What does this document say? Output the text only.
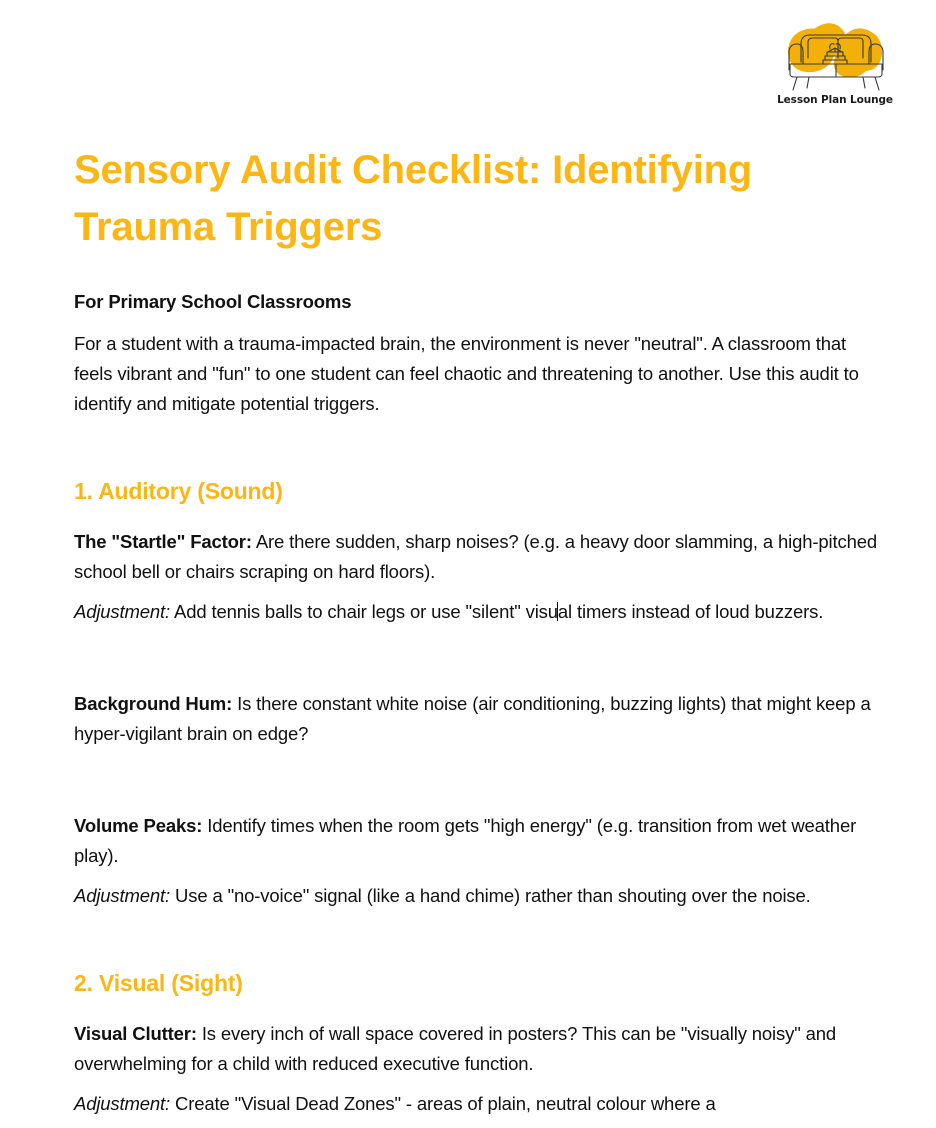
Lesson Plan Lounge
Sensory Audit Checklist: Identifying Trauma Triggers

For Primary School Classrooms

For a student with a trauma-impacted brain, the environment is never "neutral". A classroom that feels vibrant and "fun" to one student can feel chaotic and threatening to another. Use this audit to identify and mitigate potential triggers.

1. Auditory (Sound)

The "Startle" Factor: Are there sudden, sharp noises? (e.g. a heavy door slamming, a high-pitched school bell or chairs scraping on hard floors).

Adjustment: Add tennis balls to chair legs or use "silent" visual timers instead of loud buzzers.

Background Hum: Is there constant white noise (air conditioning, buzzing lights) that might keep a hyper-vigilant brain on edge?

Volume Peaks: Identify times when the room gets "high energy" (e.g. transition from wet weather play).

Adjustment: Use a "no-voice" signal (like a hand chime) rather than shouting over the noise.

2. Visual (Sight)

Visual Clutter: Is every inch of wall space covered in posters? This can be "visually noisy" and overwhelming for a child with reduced executive function.

Adjustment: Create "Visual Dead Zones" - areas of plain, neutral colour where a
